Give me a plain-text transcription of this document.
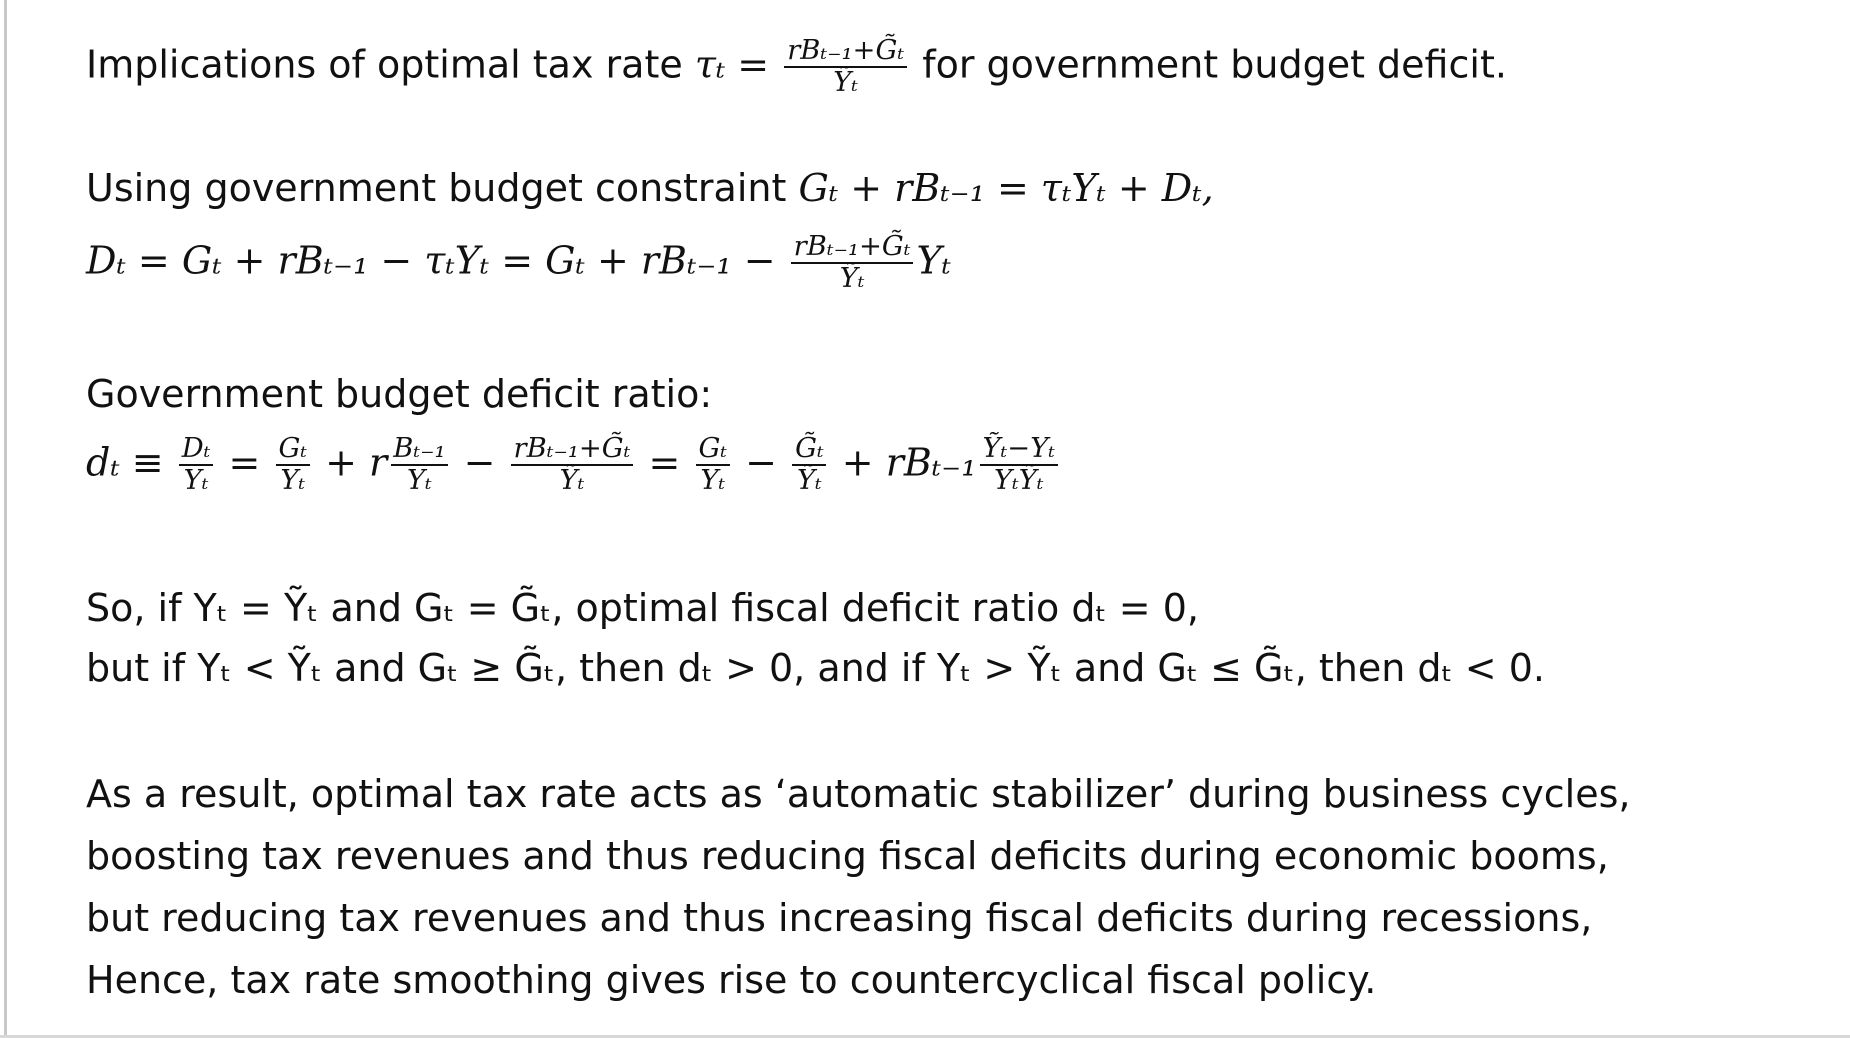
Implications of optimal tax rate $\tau_t = \frac{\text{rBₜ₋₁+G̃ₜ}}{\text{Ỹₜ}}$ for government budget deficit.
Using government budget constraint Gₜ + rBₜ₋₁ = τₜYₜ + Dₜ,
$D_t = G_t + rB_{t-1} - \tau_tY_t = G_t + rB_{t-1} - \frac{\text{rBₜ₋₁+G̃ₜ}}{\text{Ỹₜ}}$ Yₜ
Government budget deficit ratio:
$d_t \equiv \frac{\text{Dₜ}}{\text{Yₜ}} = \frac{\text{Gₜ}}{\text{Yₜ}} + r \frac{\text{Bₜ₋₁}}{\text{Yₜ}} - \frac{\text{rBₜ₋₁+G̃ₜ}}{\text{Ỹₜ}} = \frac{\text{Gₜ}}{\text{Yₜ}} - \frac{\text{G̃ₜ}}{\text{Ỹₜ}} + rB_{t-1} \frac{\text{Ỹₜ−Yₜ}}{\text{YₜỸₜ}}$
So, if Yₜ = Ỹₜ and Gₜ = G̃ₜ, optimal fiscal deficit ratio dₜ = 0,
but if Yₜ < Ỹₜ and Gₜ ≥ G̃ₜ, then dₜ > 0, and if Yₜ > Ỹₜ and Gₜ ≤ G̃ₜ, then dₜ < 0.
As a result, optimal tax rate acts as ‘automatic stabilizer’ during business cycles,
boosting tax revenues and thus reducing fiscal deficits during economic booms,
but reducing tax revenues and thus increasing fiscal deficits during recessions,
Hence, tax rate smoothing gives rise to countercyclical fiscal policy.
